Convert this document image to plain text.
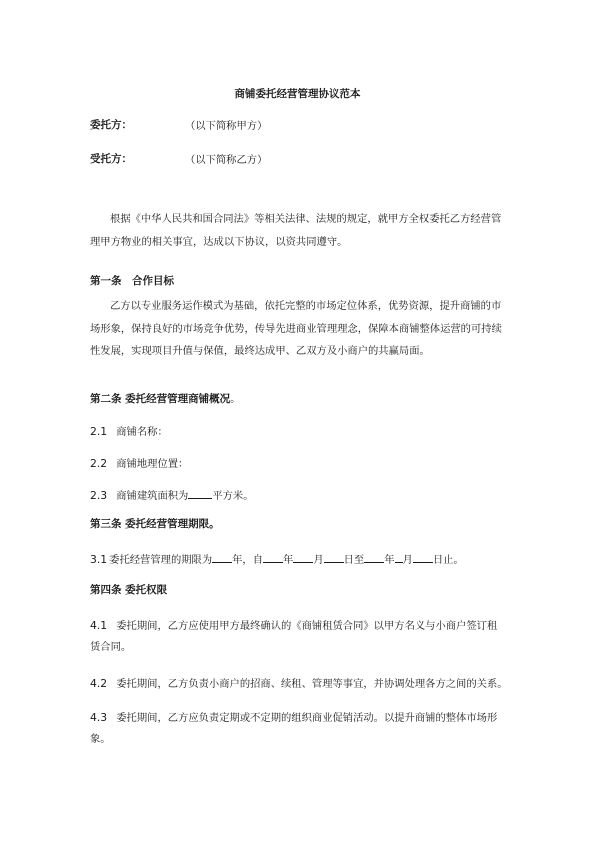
商铺委托经营管理协议范本
委托方：	（以下简称甲方）
受托方：	（以下简称乙方）
根据《中华人民共和国合同法》等相关法律、法规的规定，就甲方全权委托乙方经营管理甲方物业的相关事宜，达成以下协议，以资共同遵守。
第一条　合作目标
乙方以专业服务运作模式为基础，依托完整的市场定位体系，优势资源，提升商铺的市场形象，保持良好的市场竞争优势，传导先进商业管理理念，保障本商铺整体运营的可持续性发展，实现项目升值与保值，最终达成甲、乙双方及小商户的共赢局面。
第二条 委托经营管理商铺概况。
2.1 商铺名称：
2.2 商铺地理位置：
2.3 商铺建筑面积为 平方米。
第三条 委托经营管理期限。
3.1 委托经营管理的期限为 年，自 年 月 日至 年 月 日止。
第四条 委托权限
4.1 委托期间，乙方应使用甲方最终确认的《商铺租赁合同》以甲方名义与小商户签订租
赁合同。
4.2 委托期间，乙方负责小商户的招商、续租、管理等事宜，并协调处理各方之间的关系。
4.3 委托期间，乙方应负责定期或不定期的组织商业促销活动。以提升商铺的整体市场形
象。
